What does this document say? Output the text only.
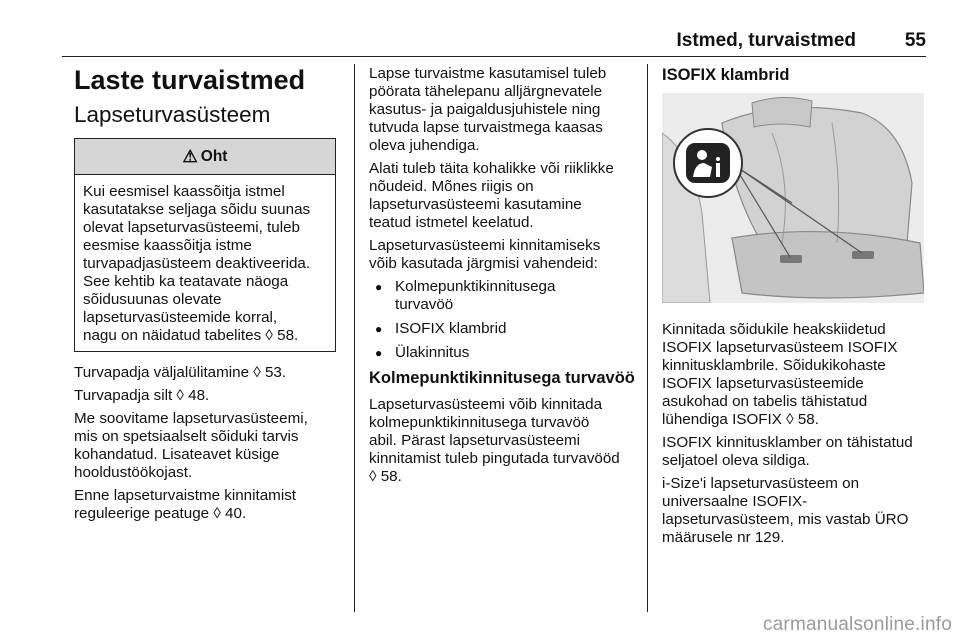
Istmed, turvaistmed	55
Laste turvaistmed
Lapseturvasüsteem
⚠ Oht
Kui eesmisel kaassõitja istmel
kasutatakse seljaga sõidu suunas
olevat lapseturvasüsteemi, tuleb
eesmise kaassõitja istme
turvapadjasüsteem deaktiveerida.
See kehtib ka teatavate näoga
sõidusuunas olevate
lapseturvasüsteemide korral,
nagu on näidatud tabelites ◊ 58.

Turvapadja väljalülitamine ◊ 53.

Turvapadja silt ◊ 48.

Me soovitame lapseturvasüsteemi,
mis on spetsiaalselt sõiduki tarvis
kohandatud. Lisateavet küsige
hooldustöökojast.

Enne lapseturvaistme kinnitamist
reguleerige peatuge ◊ 40.

Lapse turvaistme kasutamisel tuleb
pöörata tähelepanu alljärgnevatele
kasutus- ja paigaldusjuhistele ning
tutvuda lapse turvaistmega kaasas
oleva juhendiga.

Alati tuleb täita kohalikke või riiklikke
nõudeid. Mõnes riigis on
lapseturvasüsteemi kasutamine
teatud istmetel keelatud.

Lapseturvasüsteemi kinnitamiseks
võib kasutada järgmisi vahendeid:

● Kolmepunktikinnitusega
turvavöö
● ISOFIX klambrid
● Ülakinnitus
Kolmepunktikinnitusega turvavöö

Lapseturvasüsteemi võib kinnitada
kolmepunktikinnitusega turvavöö
abil. Pärast lapseturvasüsteemi
kinnitamist tuleb pingutada turvavööd
◊ 58.

ISOFIX klambrid

Kinnitada sõidukile heakskiidetud
ISOFIX lapseturvasüsteem ISOFIX
kinnitusklambrile. Sõidukikohaste
ISOFIX lapseturvasüsteemide
asukohad on tabelis tähistatud
lühendiga ISOFIX ◊ 58.

ISOFIX kinnitusklamber on tähistatud
seljatoel oleva sildiga.

i-Size'i lapseturvasüsteem on
universaalne ISOFIX-
lapseturvasüsteem, mis vastab ÜRO
määrusele nr 129.

carmanualsonline.info
